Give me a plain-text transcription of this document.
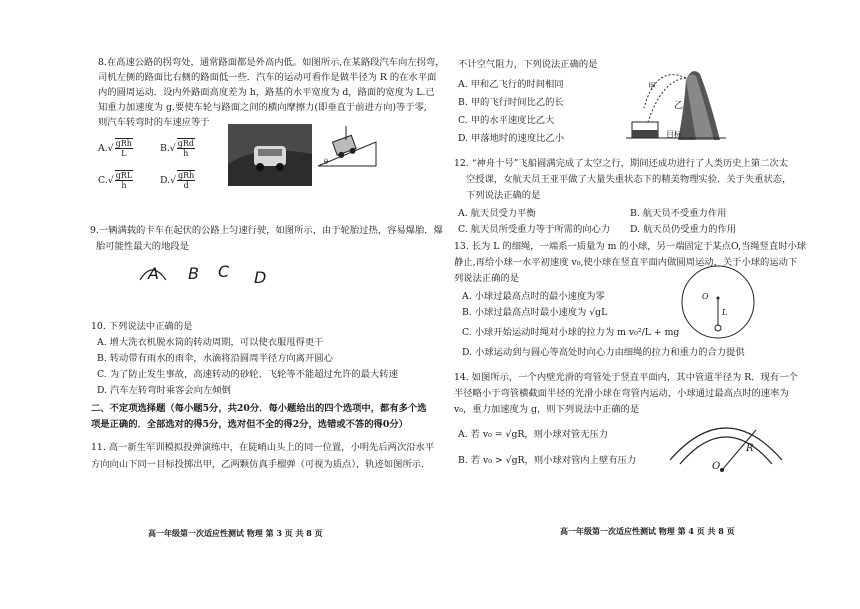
8.在高速公路的拐弯处，通常路面都是外高内低。如图所示,在某路段汽车向左拐弯，
司机左侧的路面比右侧的路面低一些．汽车的运动可看作是做半径为 R 的在水平面
内的圆周运动．设内外路面高度差为 h，路基的水平宽度为 d，路面的宽度为 L.已
知重力加速度为 g.要使车轮与路面之间的横向摩擦力(即垂直于前进方向)等于零,
则汽车转弯时的车速应等于
$A.√ \frac{\text{gRh}}{L}$	$B.√ \frac{\text{gRd}}{h}$
$C.√ \frac{\text{gRL}}{h}$	$D.√ \frac{\text{gRh}}{d}$
θ
9.一辆满载的卡车在起伏的公路上匀速行驶，如图所示，由于轮胎过热，容易爆胎．爆
胎可能性最大的地段是
A B C D
10. 下列说法中正确的是
A. 增大洗衣机脱水筒的转动周期，可以使衣服甩得更干
B. 转动带有雨水的雨伞，水滴将沿圆周半径方向离开圆心
C. 为了防止发生事故，高速转动的砂轮、飞轮等不能超过允许的最大转速
D. 汽车左转弯时乘客会向左倾倒
二、不定项选择题（每小题5分，共20分．每小题给出的四个选项中，都有多个选
项是正确的．全部选对的得5分，选对但不全的得2分，选错或不答的得0分）
11. 高一新生军训模拟投弹演练中，在陡峭山头上的同一位置，小明先后两次沿水平
方向向山下同一目标投掷出甲，乙两颗仿真手榴弹（可视为质点），轨迹如图所示．
高一年级第一次适应性测试 物理 第 3 页 共 8 页
不计空气阻力，下列说法正确的是
A. 甲和乙飞行的时间相同
B. 甲的飞行时间比乙的长
C. 甲的水平速度比乙大
D. 甲落地时的速度比乙小
甲
乙
目标
12. “神舟十号”飞船圆满完成了太空之行，期间还成功进行了人类历史上第二次太
空授课，女航天员王亚平做了大量失重状态下的精美物理实验．关于失重状态，
下列说法正确的是
A. 航天员受力平衡	B. 航天员不受重力作用
C. 航天员所受重力等于所需的向心力 D. 航天员仍受重力的作用
13. 长为 L 的细绳，一端系一质量为 m 的小球，另一端固定于某点O,当绳竖直时小球
静止,再给小球一水平初速度 v₀,使小球在竖直平面内做圆周运动，关于小球的运动下
列说法正确的是
A. 小球过最高点时的最小速度为零
B. 小球过最高点时最小速度为 √gL
C. 小球开始运动时绳对小球的拉力为 m v₀²/L + mg
D. 小球运动到与圆心等高处时向心力由细绳的拉力和重力的合力提供
O
L
14. 如图所示，一个内壁光滑的弯管处于竖直平面内，其中管道半径为 R．现有一个
半径略小于弯管横截面半径的光滑小球在弯管内运动，小球通过最高点时的速率为
v₀，重力加速度为 g，则下列说法中正确的是
A. 若 v₀ = √gR，则小球对管无压力
B. 若 v₀ > √gR，则小球对管内上壁有压力
R
O
高一年级第一次适应性测试 物理 第 4 页 共 8 页
